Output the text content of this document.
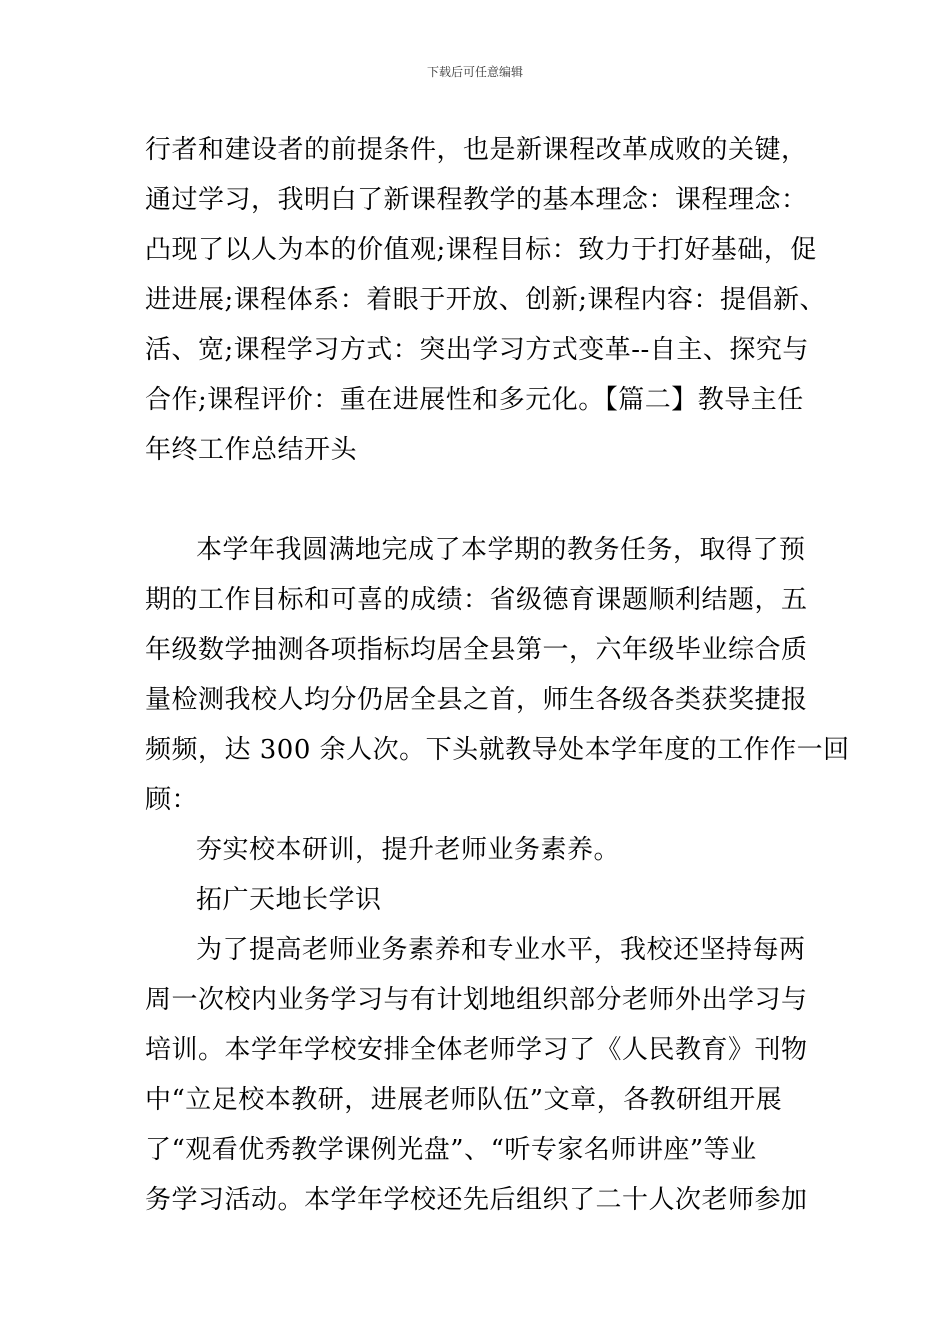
下载后可任意编辑
行者和建设者的前提条件，也是新课程改革成败的关键，
通过学习，我明白了新课程教学的基本理念：课程理念：
凸现了以人为本的价值观;课程目标：致力于打好基础，促
进进展;课程体系：着眼于开放、创新;课程内容：提倡新、
活、宽;课程学习方式：突出学习方式变革--自主、探究与
合作;课程评价：重在进展性和多元化。【篇二】教导主任
年终工作总结开头
本学年我圆满地完成了本学期的教务任务，取得了预
期的工作目标和可喜的成绩：省级德育课题顺利结题，五
年级数学抽测各项指标均居全县第一，六年级毕业综合质
量检测我校人均分仍居全县之首，师生各级各类获奖捷报
频频，达 300 余人次。下头就教导处本学年度的工作作一回
顾：
夯实校本研训，提升老师业务素养。
拓广天地长学识
为了提高老师业务素养和专业水平，我校还坚持每两
周一次校内业务学习与有计划地组织部分老师外出学习与
培训。本学年学校安排全体老师学习了《人民教育》刊物
中“立足校本教研，进展老师队伍”文章，各教研组开展
了“观看优秀教学课例光盘”、“听专家名师讲座”等业
务学习活动。本学年学校还先后组织了二十人次老师参加
